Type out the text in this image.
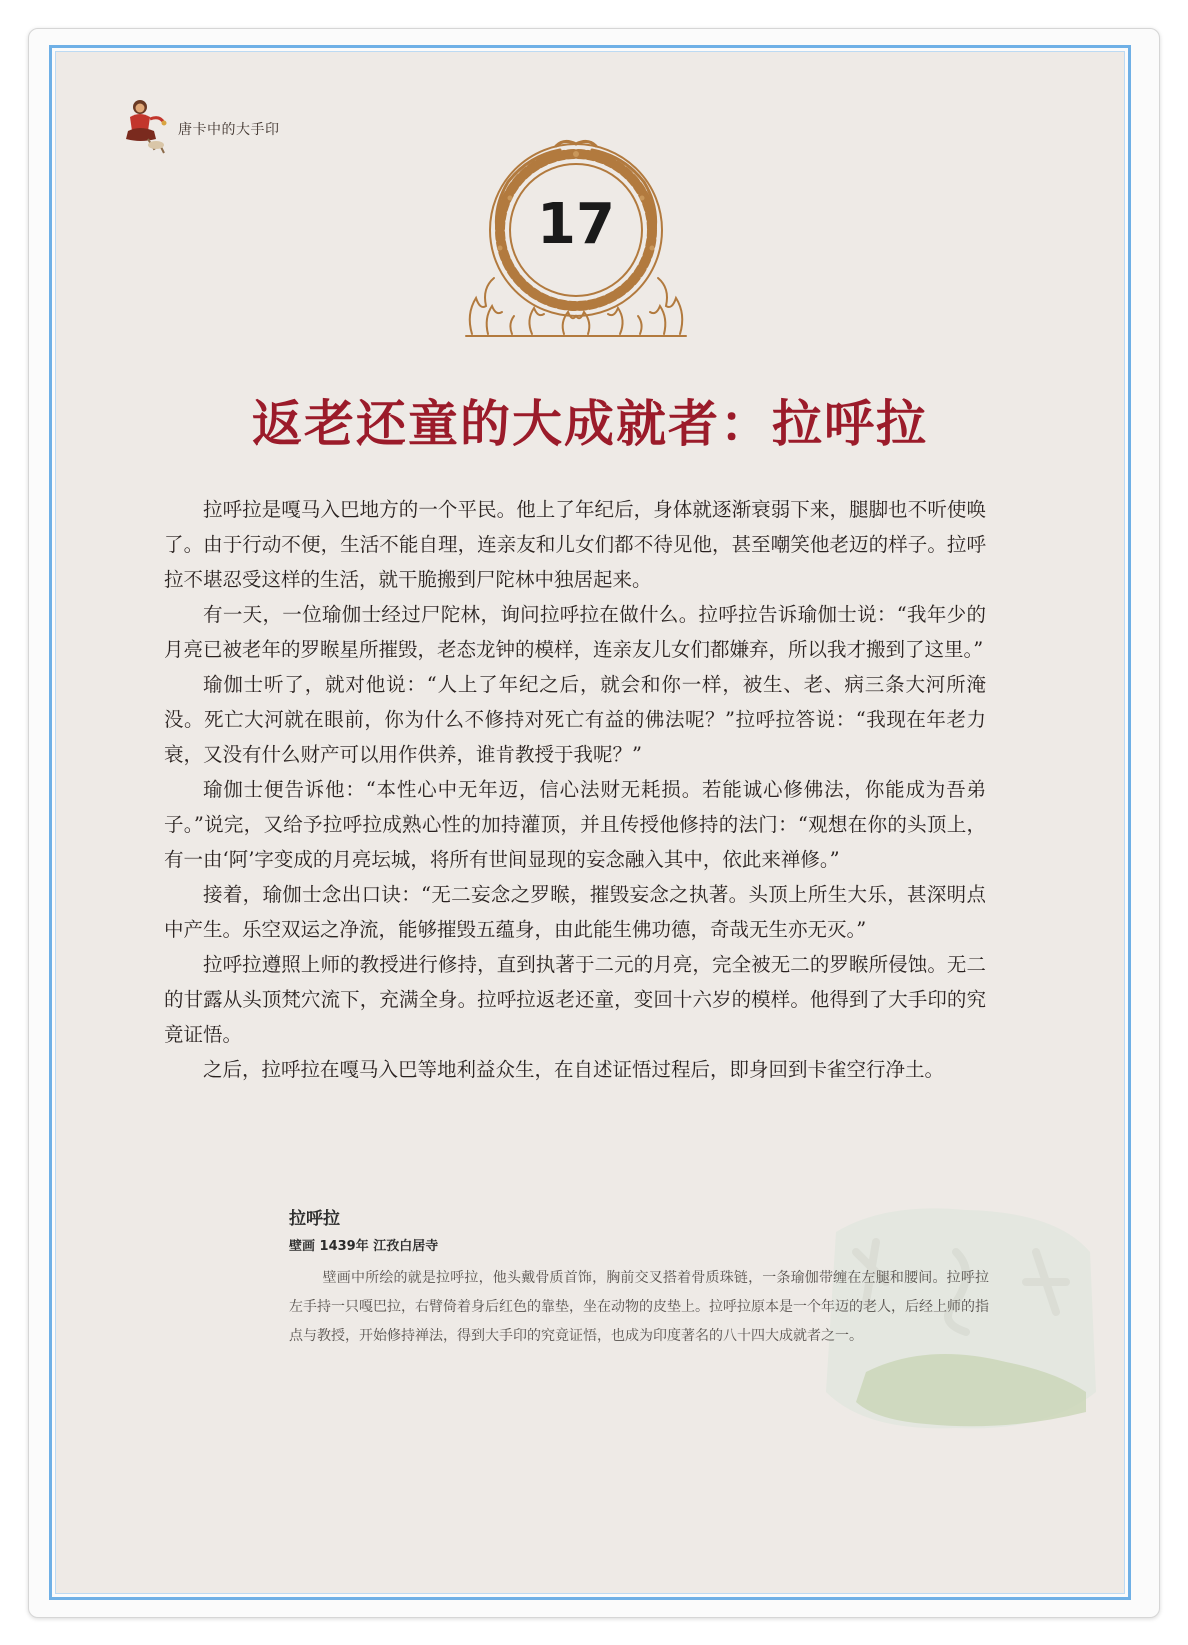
唐卡中的大手印
17
返老还童的大成就者：拉呼拉

拉呼拉是嘎马入巴地方的一个平民。他上了年纪后，身体就逐渐衰弱下来，腿脚也不听使唤了。由于行动不便，生活不能自理，连亲友和儿女们都不待见他，甚至嘲笑他老迈的样子。拉呼拉不堪忍受这样的生活，就干脆搬到尸陀林中独居起来。

有一天，一位瑜伽士经过尸陀林，询问拉呼拉在做什么。拉呼拉告诉瑜伽士说：“我年少的月亮已被老年的罗睺星所摧毁，老态龙钟的模样，连亲友儿女们都嫌弃，所以我才搬到了这里。”

瑜伽士听了，就对他说：“人上了年纪之后，就会和你一样，被生、老、病三条大河所淹没。死亡大河就在眼前，你为什么不修持对死亡有益的佛法呢？”拉呼拉答说：“我现在年老力衰，又没有什么财产可以用作供养，谁肯教授于我呢？”

瑜伽士便告诉他：“本性心中无年迈，信心法财无耗损。若能诚心修佛法，你能成为吾弟子。”说完，又给予拉呼拉成熟心性的加持灌顶，并且传授他修持的法门：“观想在你的头顶上，有一由‘阿’字变成的月亮坛城，将所有世间显现的妄念融入其中，依此来禅修。”

接着，瑜伽士念出口诀：“无二妄念之罗睺，摧毁妄念之执著。头顶上所生大乐，甚深明点中产生。乐空双运之净流，能够摧毁五蕴身，由此能生佛功德，奇哉无生亦无灭。”

拉呼拉遵照上师的教授进行修持，直到执著于二元的月亮，完全被无二的罗睺所侵蚀。无二的甘露从头顶梵穴流下，充满全身。拉呼拉返老还童，变回十六岁的模样。他得到了大手印的究竟证悟。

之后，拉呼拉在嘎马入巴等地利益众生，在自述证悟过程后，即身回到卡雀空行净土。

拉呼拉
壁画 1439年 江孜白居寺
壁画中所绘的就是拉呼拉，他头戴骨质首饰，胸前交叉搭着骨质珠链，一条瑜伽带缠在左腿和腰间。拉呼拉左手持一只嘎巴拉，右臂倚着身后红色的靠垫，坐在动物的皮垫上。拉呼拉原本是一个年迈的老人，后经上师的指点与教授，开始修持禅法，得到大手印的究竟证悟，也成为印度著名的八十四大成就者之一。
